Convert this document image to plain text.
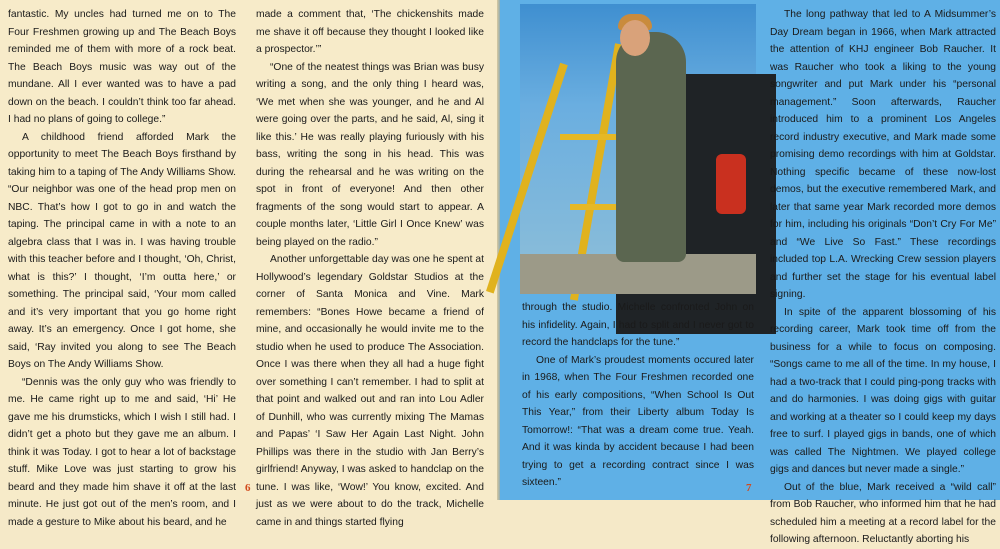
fantastic. My uncles had turned me on to The Four Freshmen growing up and The Beach Boys reminded me of them with more of a rock beat. The Beach Boys music was way out of the mundane. All I ever wanted was to have a pad down on the beach. I couldn’t think too far ahead. I had no plans of going to college.”

A childhood friend afforded Mark the opportunity to meet The Beach Boys firsthand by taking him to a taping of The Andy Williams Show. “Our neighbor was one of the head prop men on NBC. That’s how I got to go in and watch the taping. The principal came in with a note to an algebra class that I was in. I was having trouble with this teacher before and I thought, ‘Oh, Christ, what is this?’ I thought, ‘I’m outta here,’ or something. The principal said, ‘Your mom called and it’s very important that you go home right away. It’s an emergency. Once I got home, she said, ‘Ray invited you along to see The Beach Boys on The Andy Williams Show.

“Dennis was the only guy who was friendly to me. He came right up to me and said, ‘Hi’ He gave me his drumsticks, which I wish I still had. I didn’t get a photo but they gave me an album. I think it was Today. I got to hear a lot of backstage stuff. Mike Love was just starting to grow his beard and they made him shave it off at the last minute. He just got out of the men’s room, and I made a gesture to Mike about his beard, and he

made a comment that, ‘The chickenshits made me shave it off because they thought I looked like a prospector.’”

“One of the neatest things was Brian was busy writing a song, and the only thing I heard was, ‘We met when she was younger, and he and Al were going over the parts, and he said, Al, sing it like this.’ He was really playing furiously with his bass, writing the song in his head. This was during the rehearsal and he was writing on the spot in front of everyone! And then other fragments of the song would start to appear. A couple months later, ‘Little Girl I Once Knew’ was being played on the radio.”

Another unforgettable day was one he spent at Hollywood’s legendary Goldstar Studios at the corner of Santa Monica and Vine. Mark remembers: “Bones Howe became a friend of mine, and occasionally he would invite me to the studio when he used to produce The Association. Once I was there when they all had a huge fight over something I can’t remember. I had to split at that point and walked out and ran into Lou Adler of Dunhill, who was currently mixing The Mamas and Papas’ ‘I Saw Her Again Last Night. John Phillips was there in the studio with Jan Berry’s girlfriend! Anyway, I was asked to handclap on the tune. I was like, ‘Wow!’ You know, excited. And just as we were about to do the track, Michelle came in and things started flying

6

through the studio. Michelle confronted John on his infidelity. Again, I had to split and I never got to record the handclaps for the tune.”

One of Mark’s proudest moments occured later in 1968, when The Four Freshmen recorded one of his early compositions, “When School Is Out This Year,” from their Liberty album Today Is Tomorrow!: “That was a dream come true. Yeah. And it was kinda by accident because I had been trying to get a recording contract since I was sixteen.”

The long pathway that led to A Midsummer’s Day Dream began in 1966, when Mark attracted the attention of KHJ engineer Bob Raucher. It was Raucher who took a liking to the young songwriter and put Mark under his “personal management.” Soon afterwards, Raucher introduced him to a prominent Los Angeles record industry executive, and Mark made some promising demo recordings with him at Goldstar. Nothing specific became of these now-lost demos, but the executive remembered Mark, and later that same year Mark recorded more demos for him, including his originals “Don’t Cry For Me” and “We Live So Fast.” These recordings included top L.A. Wrecking Crew session players and further set the stage for his eventual label signing.

In spite of the apparent blossoming of his recording career, Mark took time off from the business for a while to focus on composing. “Songs came to me all of the time. In my house, I had a two-track that I could ping-pong tracks with and do harmonies. I was doing gigs with guitar and working at a theater so I could keep my days free to surf. I played gigs in bands, one of which was called The Nightmen. We played college gigs and dances but never made a single.”

Out of the blue, Mark received a “wild call” from Bob Raucher, who informed him that he had scheduled him a meeting at a record label for the following afternoon. Reluctantly aborting his

7
